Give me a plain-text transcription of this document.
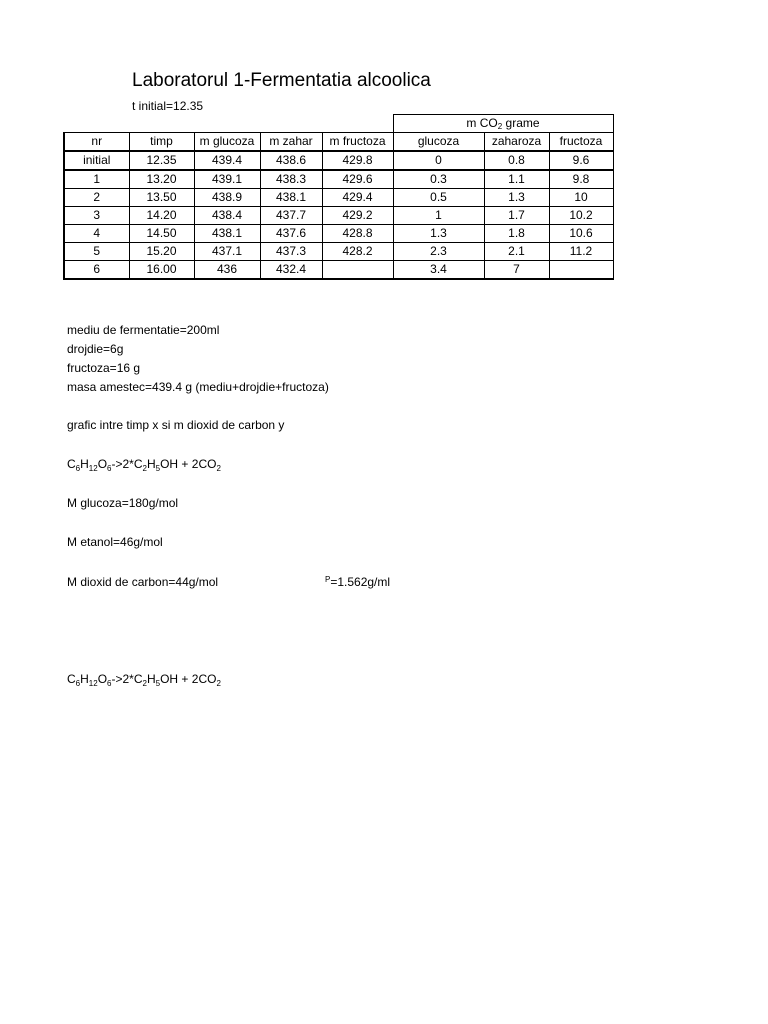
Laboratorul 1-Fermentatia alcoolica
t initial=12.35
					m $CO_2$ grame		
nr	timp	m glucoza	m zahar	m fructoza	glucoza	zaharoza	fructoza
initial	12.35	439.4	438.6	429.8	0	0.8	9.6
1	13.20	439.1	438.3	429.6	0.3	1.1	9.8
2	13.50	438.9	438.1	429.4	0.5	1.3	10
3	14.20	438.4	437.7	429.2	1	1.7	10.2
4	14.50	438.1	437.6	428.8	1.3	1.8	10.6
5	15.20	437.1	437.3	428.2	2.3	2.1	11.2
6	16.00	436	432.4		3.4	7	
mediu de fermentatie=200ml
drojdie=6g
fructoza=16 g
masa amestec=439.4 g (mediu+drojdie+fructoza)
grafic intre timp x si m dioxid de carbon y
$C_6H_{12}O_6->2*C_2H_5OH + 2CO_2$
M glucoza=180g/mol
M etanol=46g/mol
M dioxid de carbon=44g/mol	$^P$=1.562g/ml
$C_6H_{12}O_6->2*C_2H_5OH + 2CO_2$
